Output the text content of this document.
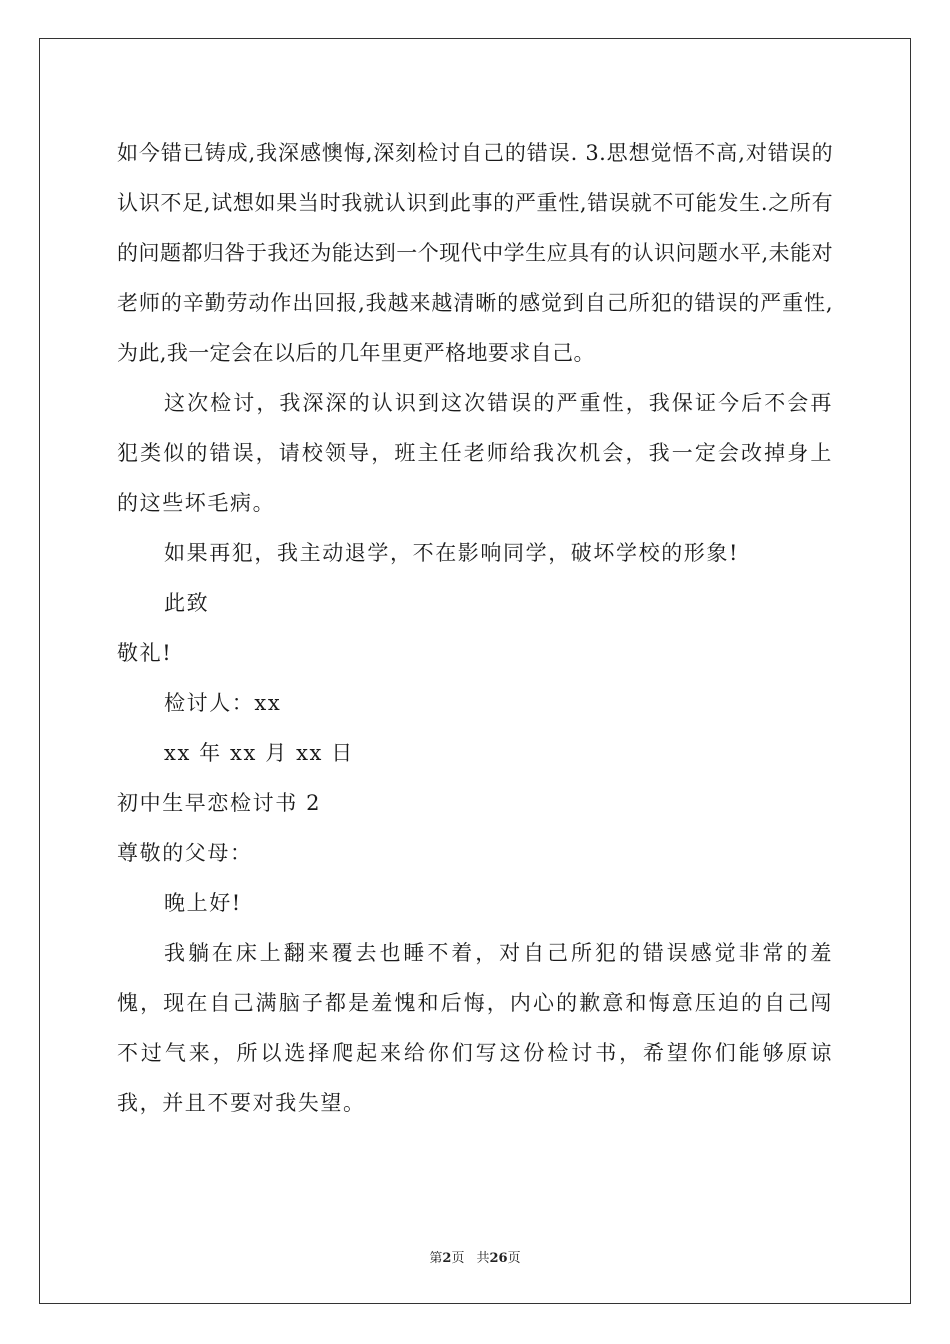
如今错已铸成,我深感懊悔,深刻检讨自己的错误. 3.思想觉悟不高,对错误的认识不足,试想如果当时我就认识到此事的严重性,错误就不可能发生.之所有的问题都归咎于我还为能达到一个现代中学生应具有的认识问题水平,未能对老师的辛勤劳动作出回报,我越来越清晰的感觉到自己所犯的错误的严重性,为此,我一定会在以后的几年里更严格地要求自己。

这次检讨，我深深的认识到这次错误的严重性，我保证今后不会再犯类似的错误，请校领导，班主任老师给我次机会，我一定会改掉身上的这些坏毛病。

如果再犯，我主动退学，不在影响同学，破坏学校的形象!

此致

敬礼!

检讨人：xx

xx 年 xx 月 xx 日

初中生早恋检讨书 2

尊敬的父母：

晚上好!

我躺在床上翻来覆去也睡不着，对自己所犯的错误感觉非常的羞愧，现在自己满脑子都是羞愧和后悔，内心的歉意和悔意压迫的自己闯不过气来，所以选择爬起来给你们写这份检讨书，希望你们能够原谅我，并且不要对我失望。

第2页 共26页
